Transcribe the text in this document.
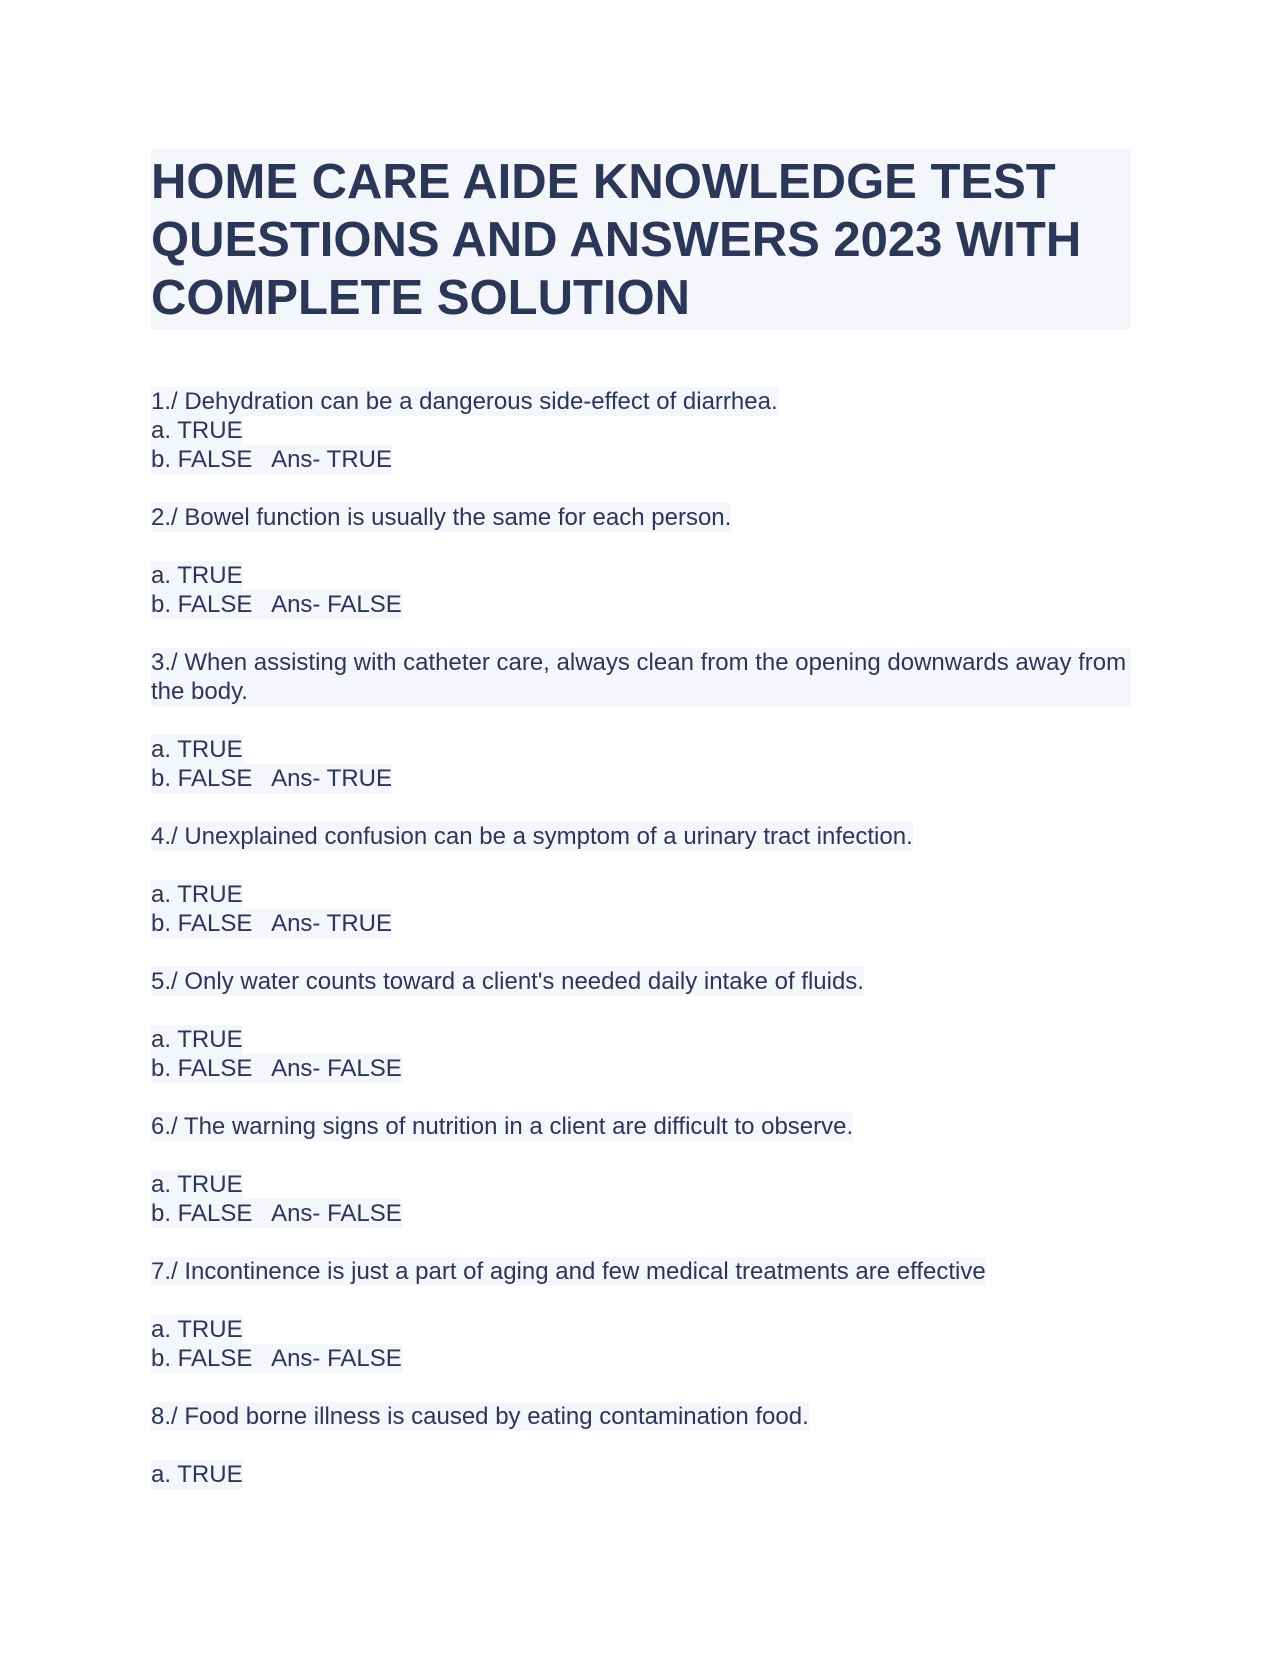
HOME CARE AIDE KNOWLEDGE TEST QUESTIONS AND ANSWERS 2023 WITH COMPLETE SOLUTION
1./ Dehydration can be a dangerous side-effect of diarrhea.
a. TRUE
b. FALSE   Ans- TRUE
2./ Bowel function is usually the same for each person.
a. TRUE
b. FALSE   Ans- FALSE
3./ When assisting with catheter care, always clean from the opening downwards away from the body.
a. TRUE
b. FALSE   Ans- TRUE
4./ Unexplained confusion can be a symptom of a urinary tract infection.
a. TRUE
b. FALSE   Ans- TRUE
5./ Only water counts toward a client's needed daily intake of fluids.
a. TRUE
b. FALSE   Ans- FALSE
6./ The warning signs of nutrition in a client are difficult to observe.
a. TRUE
b. FALSE   Ans- FALSE
7./ Incontinence is just a part of aging and few medical treatments are effective
a. TRUE
b. FALSE   Ans- FALSE
8./ Food borne illness is caused by eating contamination food.
a. TRUE
